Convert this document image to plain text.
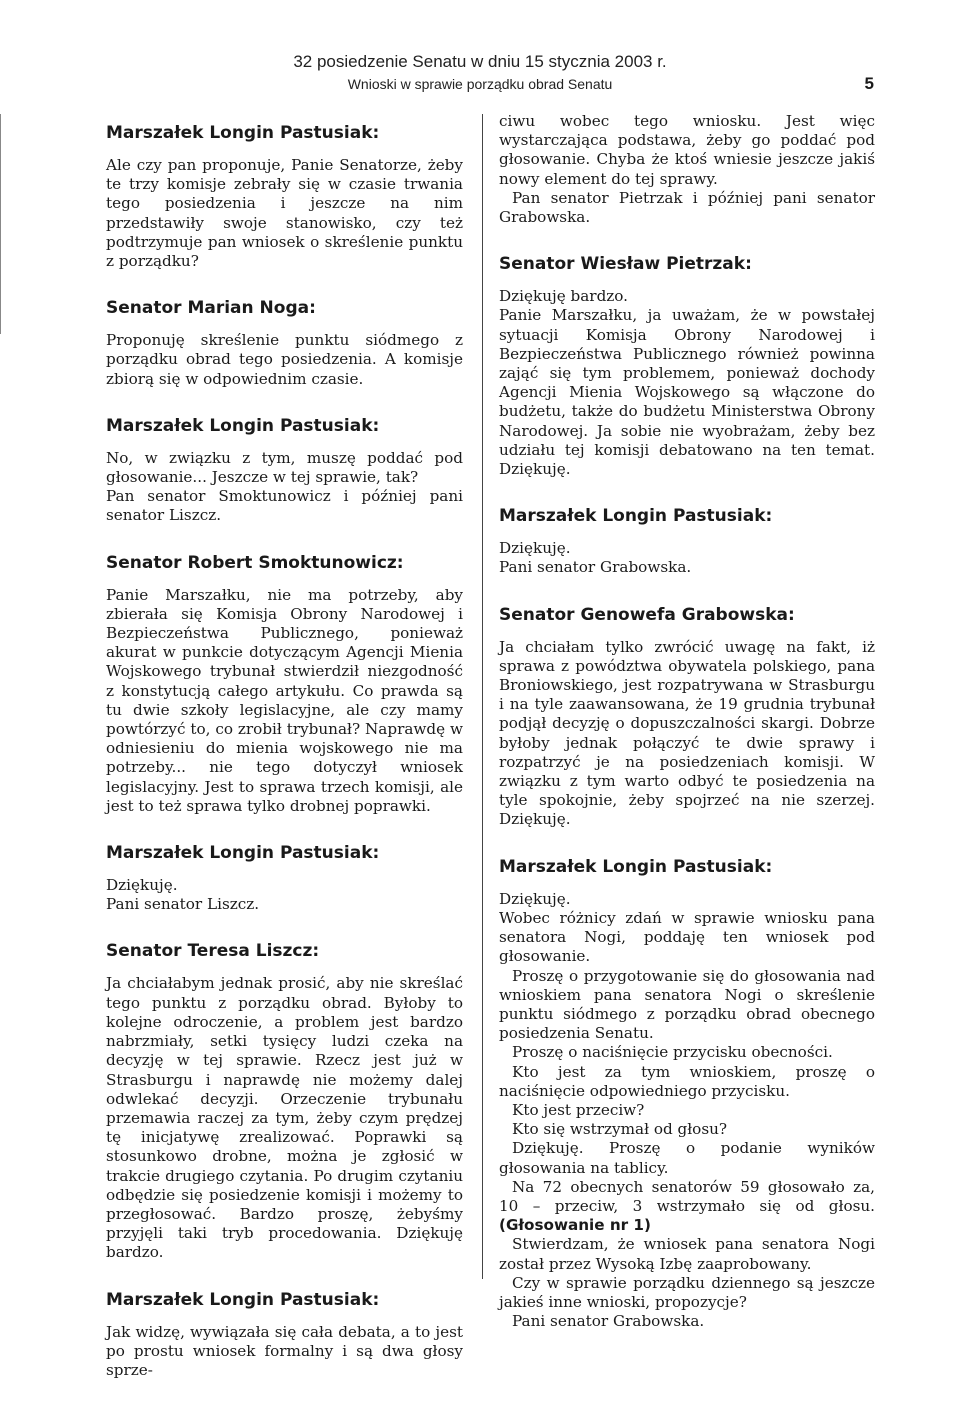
32 posiedzenie Senatu w dniu 15 stycznia 2003 r.
Wnioski w sprawie porządku obrad Senatu	5
Marszałek Longin Pastusiak:

Ale czy pan proponuje, Panie Senatorze, żeby te trzy komisje zebrały się w czasie trwania tego posiedzenia i jeszcze na nim przedstawiły swoje stanowisko, czy też podtrzymuje pan wniosek o skreślenie punktu z porządku?

Senator Marian Noga:

Proponuję skreślenie punktu siódmego z porządku obrad tego posiedzenia. A komisje zbiorą się w odpowiednim czasie.

Marszałek Longin Pastusiak:

No, w związku z tym, muszę poddać pod głosowanie... Jeszcze w tej sprawie, tak?

Pan senator Smoktunowicz i później pani senator Liszcz.

Senator Robert Smoktunowicz:

Panie Marszałku, nie ma potrzeby, aby zbierała się Komisja Obrony Narodowej i Bezpieczeństwa Publicznego, ponieważ akurat w punkcie dotyczącym Agencji Mienia Wojskowego trybunał stwierdził niezgodność z konstytucją całego artykułu. Co prawda są tu dwie szkoły legislacyjne, ale czy mamy powtórzyć to, co zrobił trybunał? Naprawdę w odniesieniu do mienia wojskowego nie ma potrzeby... nie tego dotyczył wniosek legislacyjny. Jest to sprawa trzech komisji, ale jest to też sprawa tylko drobnej poprawki.

Marszałek Longin Pastusiak:

Dziękuję.

Pani senator Liszcz.

Senator Teresa Liszcz:

Ja chciałabym jednak prosić, aby nie skreślać tego punktu z porządku obrad. Byłoby to kolejne odroczenie, a problem jest bardzo nabrzmiały, setki tysięcy ludzi czeka na decyzję w tej sprawie. Rzecz jest już w Strasburgu i naprawdę nie możemy dalej odwlekać decyzji. Orzeczenie trybunału przemawia raczej za tym, żeby czym prędzej tę inicjatywę zrealizować. Poprawki są stosunkowo drobne, można je zgłosić w trakcie drugiego czytania. Po drugim czytaniu odbędzie się posiedzenie komisji i możemy to przegłosować. Bardzo proszę, żebyśmy przyjęli taki tryb procedowania. Dziękuję bardzo.

Marszałek Longin Pastusiak:

Jak widzę, wywiązała się cała debata, a to jest po prostu wniosek formalny i są dwa głosy sprze-

ciwu wobec tego wniosku. Jest więc wystarczająca podstawa, żeby go poddać pod głosowanie. Chyba że ktoś wniesie jeszcze jakiś nowy element do tej sprawy.

Pan senator Pietrzak i później pani senator Grabowska.

Senator Wiesław Pietrzak:

Dziękuję bardzo.

Panie Marszałku, ja uważam, że w powstałej sytuacji Komisja Obrony Narodowej i Bezpieczeństwa Publicznego również powinna zająć się tym problemem, ponieważ dochody Agencji Mienia Wojskowego są włączone do budżetu, także do budżetu Ministerstwa Obrony Narodowej. Ja sobie nie wyobrażam, żeby bez udziału tej komisji debatowano na ten temat. Dziękuję.

Marszałek Longin Pastusiak:

Dziękuję.

Pani senator Grabowska.

Senator Genowefa Grabowska:

Ja chciałam tylko zwrócić uwagę na fakt, iż sprawa z powództwa obywatela polskiego, pana Broniowskiego, jest rozpatrywana w Strasburgu i na tyle zaawansowana, że 19 grudnia trybunał podjął decyzję o dopuszczalności skargi. Dobrze byłoby jednak połączyć te dwie sprawy i rozpatrzyć je na posiedzeniach komisji. W związku z tym warto odbyć te posiedzenia na tyle spokojnie, żeby spojrzeć na nie szerzej. Dziękuję.

Marszałek Longin Pastusiak:

Dziękuję.

Wobec różnicy zdań w sprawie wniosku pana senatora Nogi, poddaję ten wniosek pod głosowanie.

Proszę o przygotowanie się do głosowania nad wnioskiem pana senatora Nogi o skreślenie punktu siódmego z porządku obrad obecnego posiedzenia Senatu.

Proszę o naciśnięcie przycisku obecności.

Kto jest za tym wnioskiem, proszę o naciśnięcie odpowiedniego przycisku.

Kto jest przeciw?

Kto się wstrzymał od głosu?

Dziękuję. Proszę o podanie wyników głosowania na tablicy.

Na 72 obecnych senatorów 59 głosowało za, 10 – przeciw, 3 wstrzymało się od głosu. (Głosowanie nr 1)

Stwierdzam, że wniosek pana senatora Nogi został przez Wysoką Izbę zaaprobowany.

Czy w sprawie porządku dziennego są jeszcze jakieś inne wnioski, propozycje?

Pani senator Grabowska.
